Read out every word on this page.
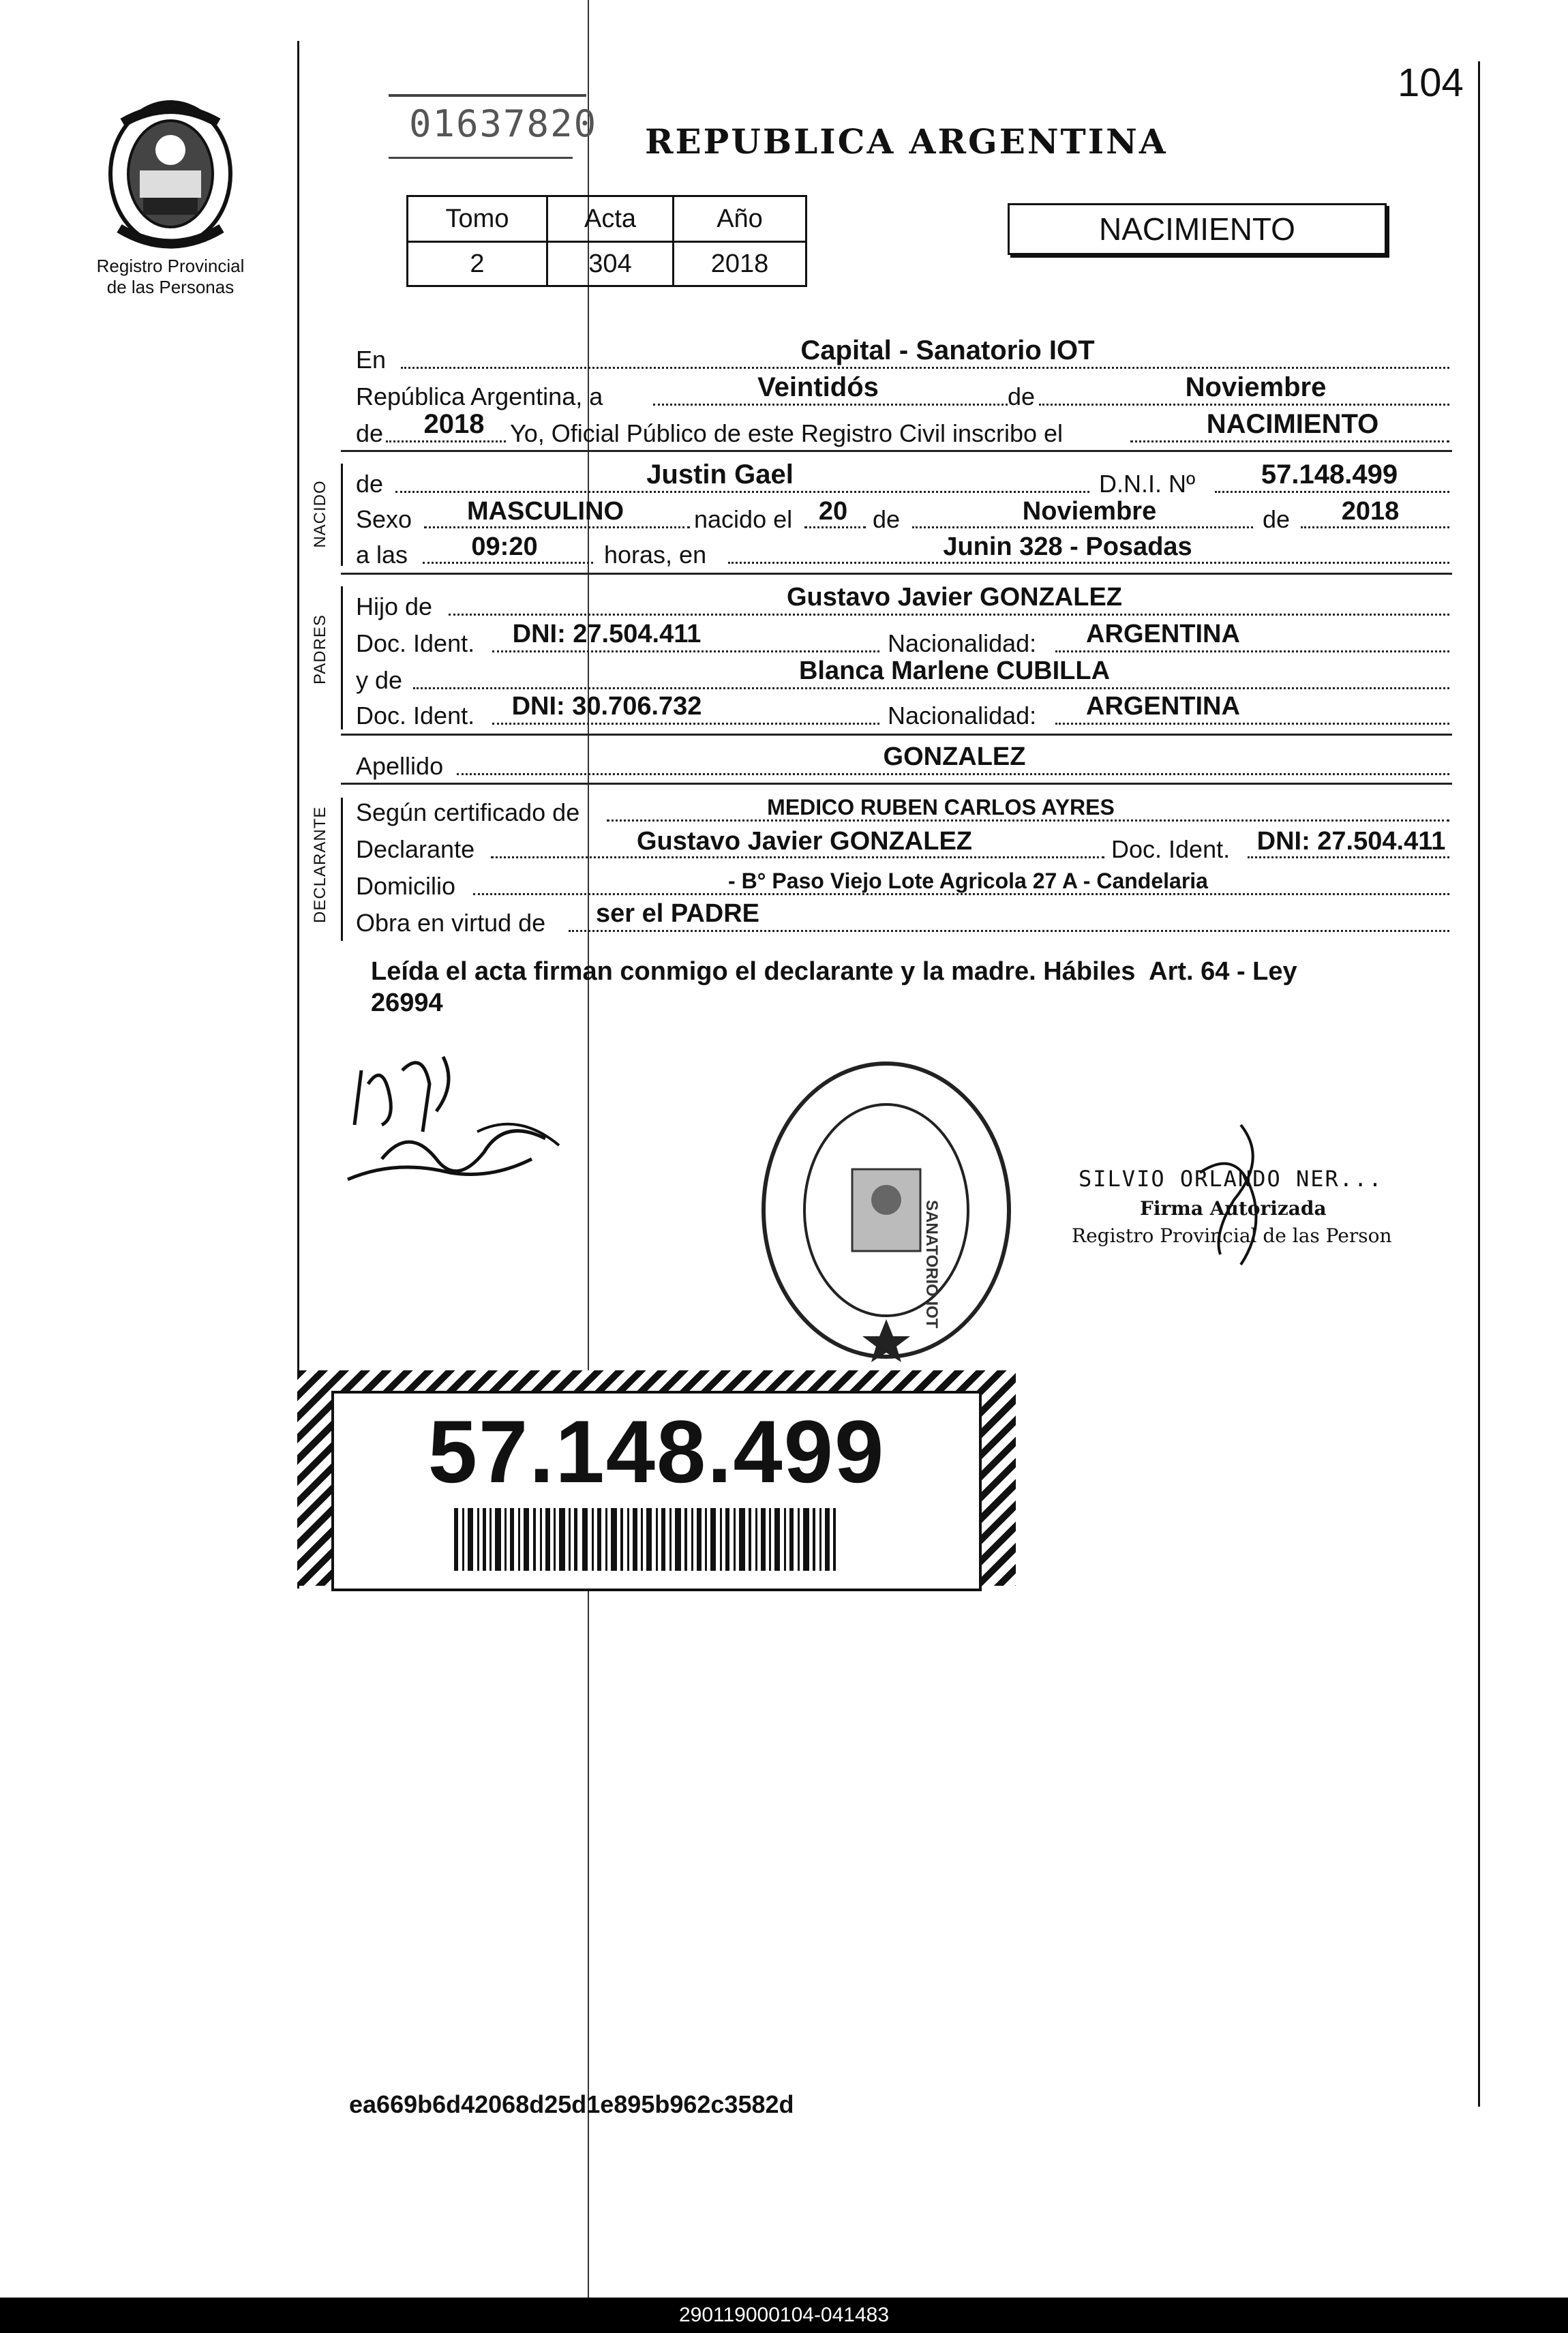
104
Registro Provincial
de las Personas
01637820 REPUBLICA ARGENTINA
Tomo	Acta	Año
2	304	2018
NACIMIENTO
En	Capital - Sanatorio IOT
República Argentina, a	Veintidós	de	Noviembre
de 2018 Yo, Oficial Público de este Registro Civil inscribo el	NACIMIENTO
NACIDO de	Justin Gael	D.N.I. Nº 57.148.499
Sexo MASCULINO	nacido el 20 de	Noviembre	de 2018
a las 09:20	horas, en	Junin 328 - Posadas
PADRES
Hijo de	Gustavo Javier GONZALEZ
Doc. Ident. DNI: 27.504.411	Nacionalidad: ARGENTINA
y de	Blanca Marlene CUBILLA
Doc. Ident. DNI: 30.706.732	Nacionalidad: ARGENTINA
Apellido	GONZALEZ
DECLARANTE Según certificado de	MEDICO RUBEN CARLOS AYRES
Declarante	Gustavo Javier GONZALEZ	Doc. Ident. DNI: 27.504.411
Domicilio	- B° Paso Viejo Lote Agricola 27 A - Candelaria
Obra en virtud de ser el PADRE
Leída el acta firman conmigo el declarante y la madre. Hábiles  Art. 64 - Ley
26994
SANATORIO IOT
SILVIO ORLANDO NER...
Firma Autorizada
Registro Provincial de las Person
57.148.499
ea669b6d42068d25d1e895b962c3582d
290119000104-041483
